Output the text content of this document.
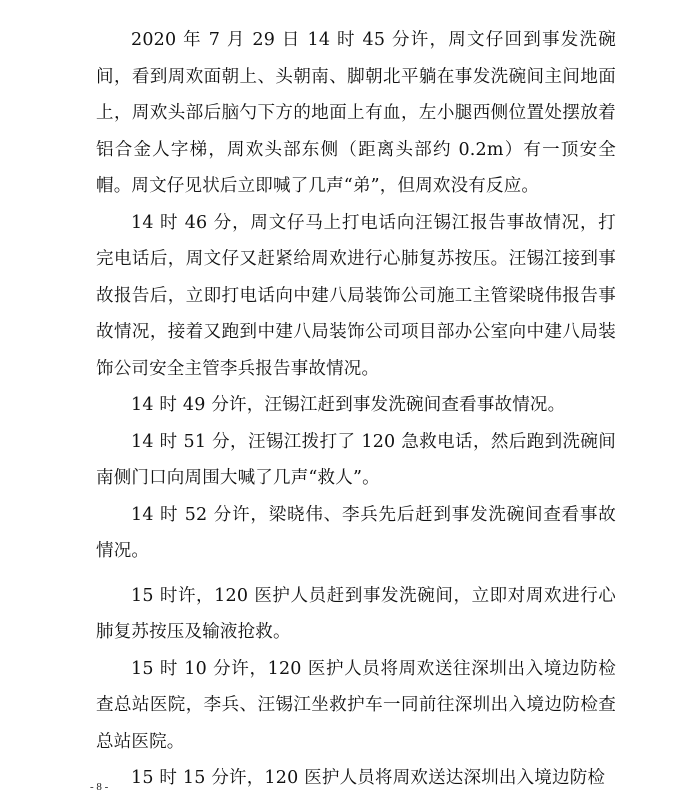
2020 年 7 月 29 日 14 时 45 分许，周文仔回到事发洗碗间，看到周欢面朝上、头朝南、脚朝北平躺在事发洗碗间主间地面上，周欢头部后脑勺下方的地面上有血，左小腿西侧位置处摆放着铝合金人字梯，周欢头部东侧（距离头部约 0.2m）有一顶安全帽。周文仔见状后立即喊了几声“弟”，但周欢没有反应。

14 时 46 分，周文仔马上打电话向汪锡江报告事故情况，打完电话后，周文仔又赶紧给周欢进行心肺复苏按压。汪锡江接到事故报告后，立即打电话向中建八局装饰公司施工主管梁晓伟报告事故情况，接着又跑到中建八局装饰公司项目部办公室向中建八局装饰公司安全主管李兵报告事故情况。

14 时 49 分许，汪锡江赶到事发洗碗间查看事故情况。

14 时 51 分，汪锡江拨打了 120 急救电话，然后跑到洗碗间南侧门口向周围大喊了几声“救人”。

14 时 52 分许，梁晓伟、李兵先后赶到事发洗碗间查看事故情况。

15 时许，120 医护人员赶到事发洗碗间，立即对周欢进行心肺复苏按压及输液抢救。

15 时 10 分许，120 医护人员将周欢送往深圳出入境边防检查总站医院，李兵、汪锡江坐救护车一同前往深圳出入境边防检查总站医院。

15 时 15 分许，120 医护人员将周欢送达深圳出入境边防检

- 8 -
